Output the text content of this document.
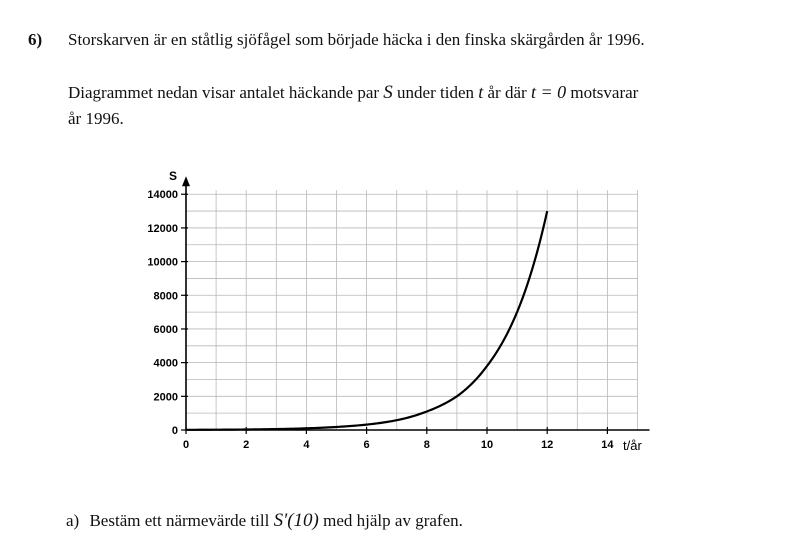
6) Storskarven är en ståtlig sjöfågel som började häcka i den finska skärgården år 1996.
Diagrammet nedan visar antalet häckande par S under tiden t år där t = 0 motsvarar
år 1996.
0	2	4	6	8	10	12	14
0
2000
4000
6000
8000
10000
12000
14000
S
t/år
a) Bestäm ett närmevärde till S′(10) med hjälp av grafen.
